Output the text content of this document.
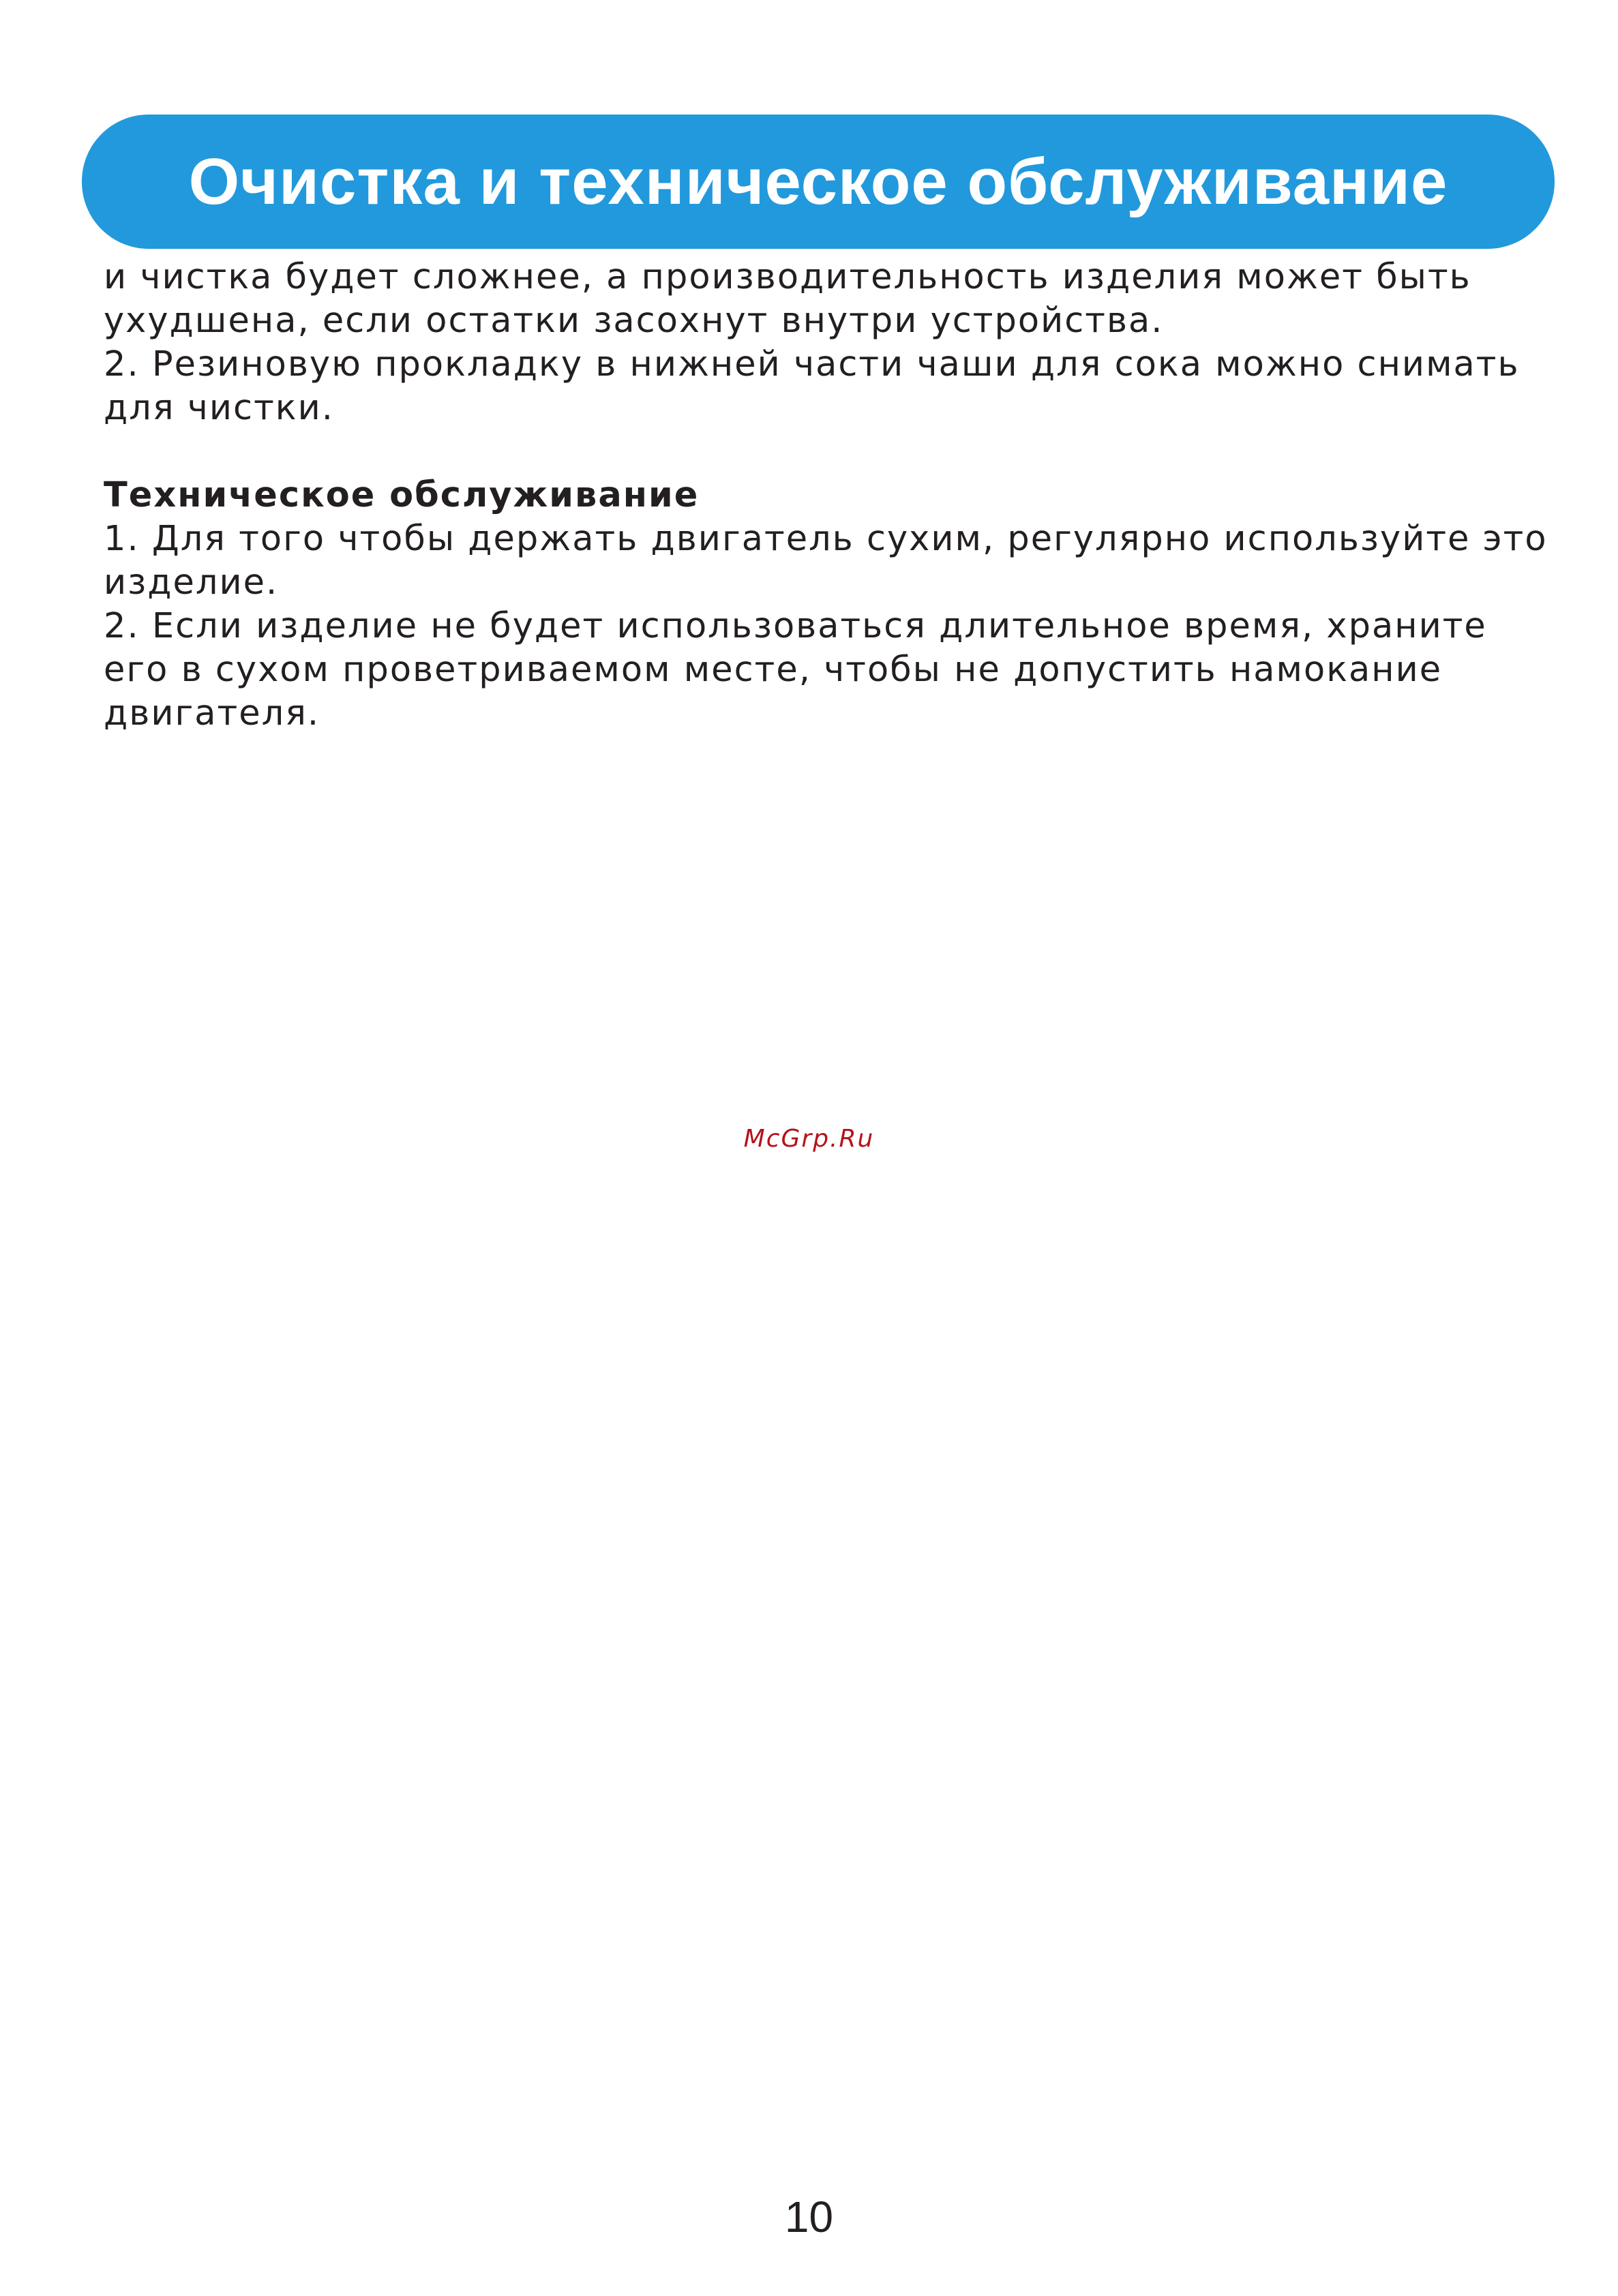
Очистка и техническое обслуживание
и чистка будет сложнее, а производительность изделия может быть
ухудшена, если остатки засохнут внутри устройства.
2. Резиновую прокладку в нижней части чаши для сока можно снимать
для чистки.
Техническое обслуживание
1. Для того чтобы держать двигатель сухим, регулярно используйте это
изделие.
2. Если изделие не будет использоваться длительное время, храните
его в сухом проветриваемом месте, чтобы не допустить намокание
двигателя.
McGrp.Ru
10
